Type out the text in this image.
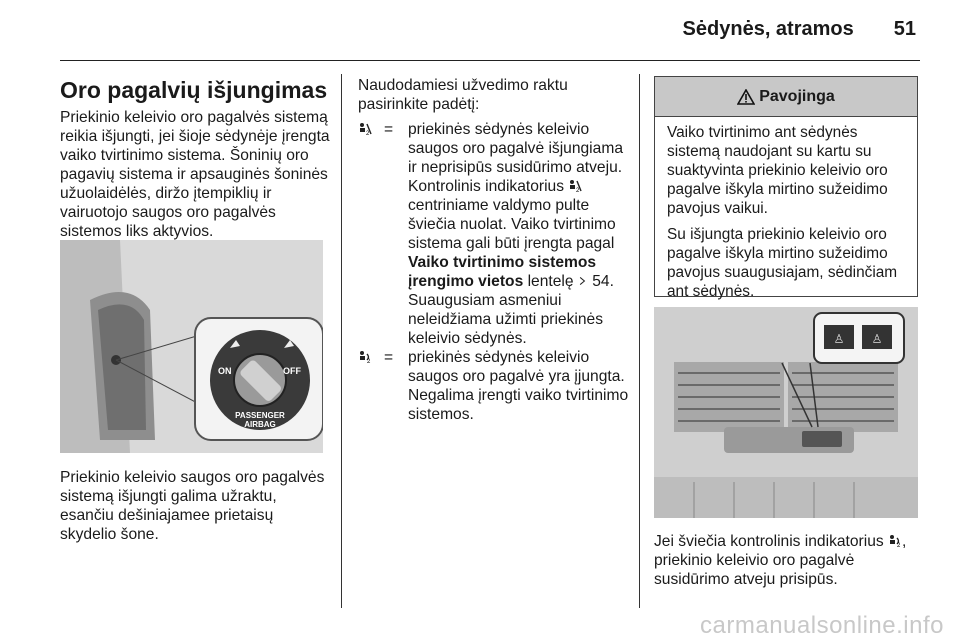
Sėdynės, atramos 51
Oro pagalvių išjungimas

Priekinio keleivio oro pagalvės sistemą reikia išjungti, jei šioje sėdynėje įrengta vaiko tvirtinimo sistema. Šoninių oro pagavių sistema ir apsauginės šoninės užuolaidėlės, diržo įtempiklių ir vairuotojo saugos oro pagalvės sistemos liks aktyvios.

ON	OFF
PASSENGER
AIRBAG

Priekinio keleivio saugos oro pagalvės sistemą išjungti galima užraktu, esančiu dešiniajamee prietaisų skydelio šone.

Naudodamiesi užvedimo raktu pasirinkite padėtį:

2 = priekinės sėdynės keleivio saugos oro pagalvė išjungiama ir neprisipūs susidūrimo atveju. Kontrolinis indikatorius 2
centriniame valdymo pulte šviečia nuolat. Vaiko tvirtinimo sistema gali būti įrengta pagal Vaiko tvirtinimo sistemos įrengimo vietos lentelę 54. Suaugusiam asmeniui neleidžiama užimti priekinės keleivio sėdynės.
2 = priekinės sėdynės keleivio saugos oro pagalvė yra įjungta. Negalima įrengti vaiko tvirtinimo sistemos.
Pavojinga

Vaiko tvirtinimo ant sėdynės sistemą naudojant su kartu su suaktyvinta priekinio keleivio oro pagalve iškyla mirtino sužeidimo pavojus vaikui.

Su išjungta priekinio keleivio oro pagalve iškyla mirtino sužeidimo pavojus suaugusiajam, sėdinčiam ant sėdynės.

♙ ♙

Jei šviečia kontrolinis indikatorius 2 , priekinio keleivio oro pagalvė susidūrimo atveju prisipūs.

carmanualsonline.info
